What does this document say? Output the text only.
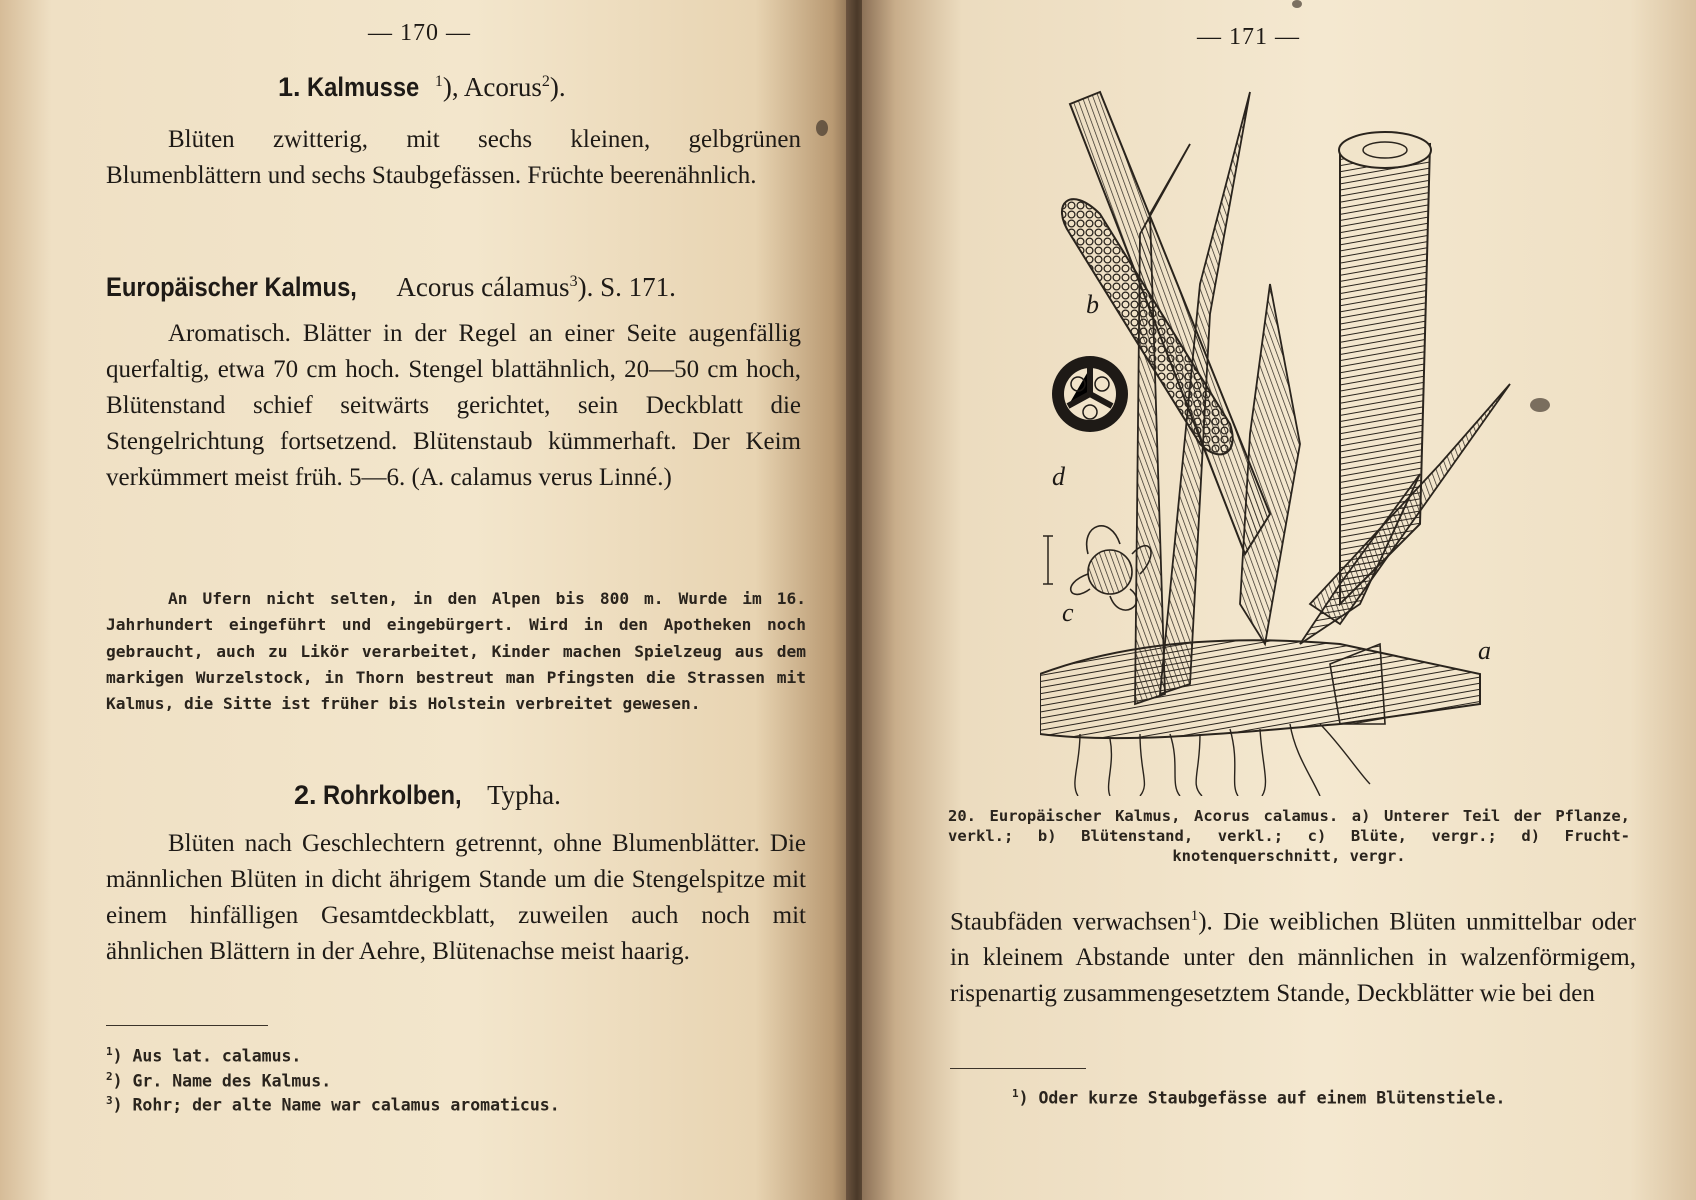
— 170 —
1. Kalmusse $^1$), Acorus$^2$).

Blüten zwitterig, mit sechs kleinen, gelbgrünen Blumenblättern und sechs Staubgefässen. Früchte beerenähnlich.

Europäischer Kalmus, Acorus cálamus$^3$). S. 171.

Aromatisch. Blätter in der Regel an einer Seite augenfällig querfaltig, etwa 70 cm hoch. Stengel blattähnlich, 20—50 cm hoch, Blütenstand schief seitwärts gerichtet, sein Deckblatt die Stengelrichtung fortsetzend. Blütenstaub kümmerhaft. Der Keim verkümmert meist früh. 5—6. (A. calamus verus Linné.)

An Ufern nicht selten, in den Alpen bis 800 m. Wurde im 16. Jahrhundert eingeführt und eingebürgert. Wird in den Apotheken noch gebraucht, auch zu Likör verarbeitet, Kinder machen Spielzeug aus dem markigen Wurzelstock, in Thorn bestreut man Pfingsten die Strassen mit Kalmus, die Sitte ist früher bis Holstein verbreitet gewesen.

2. Rohrkolben, Typha.

Blüten nach Geschlechtern getrennt, ohne Blumenblätter. Die männlichen Blüten in dicht ährigem Stande um die Stengelspitze mit einem hinfälligen Gesamtdeckblatt, zuweilen auch noch mit ähnlichen Blättern in der Aehre, Blütenachse meist haarig.

$^1$) Aus lat. calamus.
$^2$) Gr. Name des Kalmus.
$^3$) Rohr; der alte Name war calamus aromaticus.
— 171 —
b
d
c
a
20. Europäischer Kalmus, Acorus calamus. a) Unterer Teil der Pflanze, verkl.; b) Blütenstand, verkl.; c) Blüte, vergr.; d) Frucht-
knotenquerschnitt, vergr.

Staubfäden verwachsen$^1$). Die weiblichen Blüten unmittelbar oder in kleinem Abstande unter den männlichen in walzenförmigem, rispenartig zusammengesetztem Stande, Deckblätter wie bei den

$^1$) Oder kurze Staubgefässe auf einem Blütenstiele.
